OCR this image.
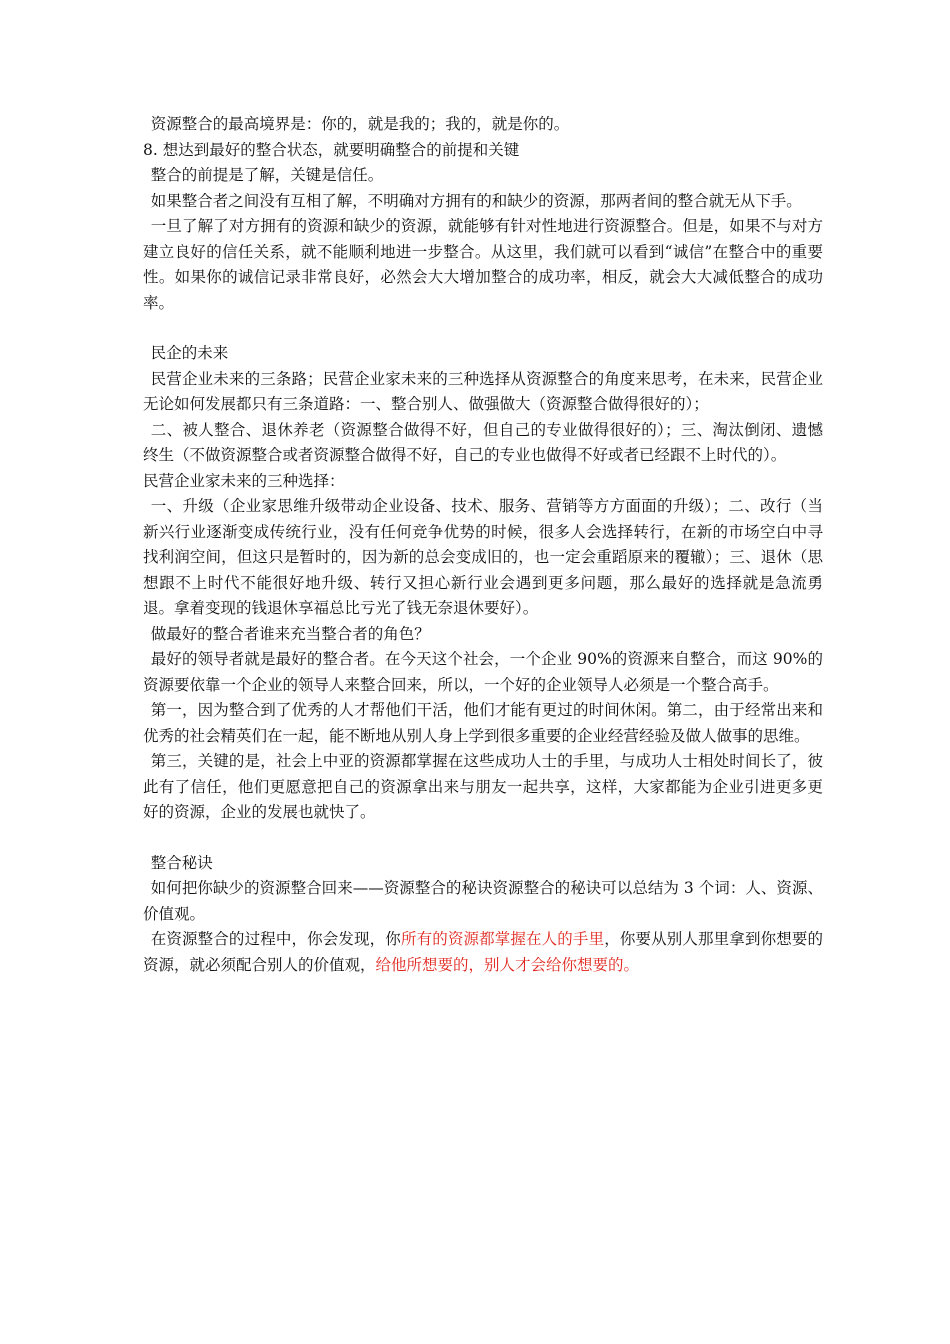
资源整合的最高境界是：你的，就是我的；我的，就是你的。

8. 想达到最好的整合状态，就要明确整合的前提和关键

整合的前提是了解，关键是信任。

如果整合者之间没有互相了解，不明确对方拥有的和缺少的资源，那两者间的整合就无从下手。

一旦了解了对方拥有的资源和缺少的资源，就能够有针对性地进行资源整合。但是，如果不与对方建立良好的信任关系，就不能顺利地进一步整合。从这里，我们就可以看到“诚信”在整合中的重要性。如果你的诚信记录非常良好，必然会大大增加整合的成功率，相反，就会大大减低整合的成功率。

民企的未来

民营企业未来的三条路；民营企业家未来的三种选择从资源整合的角度来思考，在未来，民营企业无论如何发展都只有三条道路：一、整合别人、做强做大（资源整合做得很好的）；

二、被人整合、退休养老（资源整合做得不好，但自己的专业做得很好的）；三、淘汰倒闭、遗憾终生（不做资源整合或者资源整合做得不好，自己的专业也做得不好或者已经跟不上时代的）。

民营企业家未来的三种选择：

一、升级（企业家思维升级带动企业设备、技术、服务、营销等方方面面的升级）；二、改行（当新兴行业逐渐变成传统行业，没有任何竞争优势的时候，很多人会选择转行，在新的市场空白中寻找利润空间，但这只是暂时的，因为新的总会变成旧的，也一定会重蹈原来的覆辙）；三、退休（思想跟不上时代不能很好地升级、转行又担心新行业会遇到更多问题，那么最好的选择就是急流勇退。拿着变现的钱退休享福总比亏光了钱无奈退休要好）。

做最好的整合者谁来充当整合者的角色？

最好的领导者就是最好的整合者。在今天这个社会，一个企业 90%的资源来自整合，而这 90%的资源要依靠一个企业的领导人来整合回来，所以，一个好的企业领导人必须是一个整合高手。

第一，因为整合到了优秀的人才帮他们干活，他们才能有更过的时间休闲。第二，由于经常出来和优秀的社会精英们在一起，能不断地从别人身上学到很多重要的企业经营经验及做人做事的思维。

第三，关键的是，社会上中亚的资源都掌握在这些成功人士的手里，与成功人士相处时间长了，彼此有了信任，他们更愿意把自己的资源拿出来与朋友一起共享，这样，大家都能为企业引进更多更好的资源，企业的发展也就快了。

整合秘诀

如何把你缺少的资源整合回来——资源整合的秘诀资源整合的秘诀可以总结为 3 个词：人、资源、价值观。

在资源整合的过程中，你会发现，你所有的资源都掌握在人的手里，你要从别人那里拿到你想要的资源，就必须配合别人的价值观，给他所想要的，别人才会给你想要的。
